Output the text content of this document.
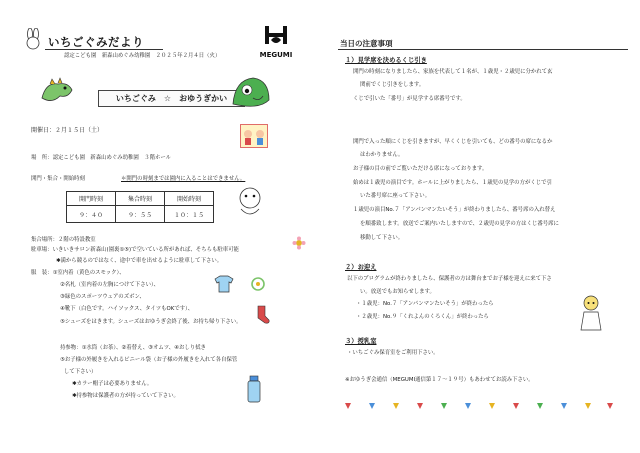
いちごぐみだより
MEGUMI
認定こども園　新森山めぐみ幼稚園　２０２５年２月４日（火）
いちごぐみ　☆　おゆうぎかい
開催日：２月１５日（土）
場　所：認定こども園　新森山めぐみ幼稚園　３階ホール
開門・集合・開始時刻	＊開門の時刻までは園内に入ることはできません。
開門時刻	集合時刻	開始時刻
９：４０	９：５５	１０：１５
集合場所：２階の特設教室
駐車場：いきいきサロン新森山(園裏①⑤)で空いている所があれば、そちらも駐車可能
✱満から競るのではなく、途中で車を出せるように駐車して下さい。
服　装：①室内着（黄色のスモック）、
②名札（室内着の左胸につけて下さい）、
③緑色のスポーツウェアのズボン、
④靴下（白色です。ハイソックス、タイツもOKです）、
⑤シューズをはきます。シューズはおゆうぎ会終了後、お持ち帰り下さい。
持参物：①水筒（お茶）、②着替え、③オムツ、④おしり拭き
⑤お子様の外履きを入れるビニール袋（お子様の外履きを入れて各自保管
して下さい）
✱カラー帽子は必要ありません。
✱持参物は保護者の方が持っていて下さい。
当日の注意事項
１）見学席を決めるくじ引き
開門の時刻になりましたら、家族を代表して１名が、１歳児・２歳児に分かれて玄
関前でくじ引きをします。
くじで引いた「番号」が見学する席番号です。
開門で入った順にくじを引きますが、早くくじを引いても、どの番号の席になるか
はわかりません。
お子様の目の前でご覧いただける席になっております。
始めは１歳児の演目です。ホールに上がりましたら、１歳児の見学の方がくじで引
いた番号席に座って下さい。
１歳児の演目No.７「アンパンマンたいそう」が終わりましたら、番号席の入れ替え
を順番致します。放送でご案内いたしますので、２歳児の見学の方はくじ番号席に
移動して下さい。
２）お迎え
以下のプログラムが終わりましたら、保護者の方は舞台までお子様を迎えに来て下さ
い。放送でもお知らせします。
・１歳児：No.７「アンパンマンたいそう」が終わったら
・２歳児：No.９「くれよんのくろくん」が終わったら
３）授乳室
・いちごぐみ保育室をご利用下さい。
※おゆうぎ会通信（MEGUMI通信第１７〜１９号）もあわせてお読み下さい。
